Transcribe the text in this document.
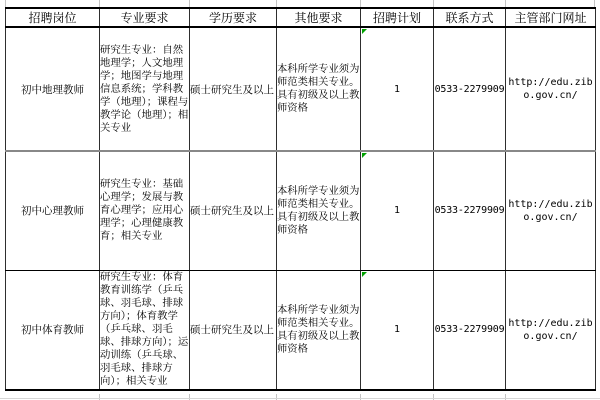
招聘岗位	专业要求	学历要求	其他要求	招聘计划	联系方式	主管部门网址
初中地理教师	研究生专业：自然地理学；人文地理学；地图学与地理信息系统；学科教学（地理）；课程与教学论（地理）；相关专业	硕士研究生及以上	本科所学专业须为师范类相关专业。具有初级及以上教师资格	1	0533-2279909	http://edu.zibo.gov.cn/
初中心理教师	研究生专业：基础心理学；发展与教育心理学；应用心理学；心理健康教育；相关专业	硕士研究生及以上	本科所学专业须为师范类相关专业。具有初级及以上教师资格	1	0533-2279909	http://edu.zibo.gov.cn/
初中体育教师	研究生专业：体育教育训练学（乒乓球、羽毛球、排球方向）；体育教学（乒乓球、羽毛球、排球方向）；运动训练（乒乓球、羽毛球、排球方向）；相关专业	硕士研究生及以上	本科所学专业须为师范类相关专业。具有初级及以上教师资格	1	0533-2279909	http://edu.zibo.gov.cn/
